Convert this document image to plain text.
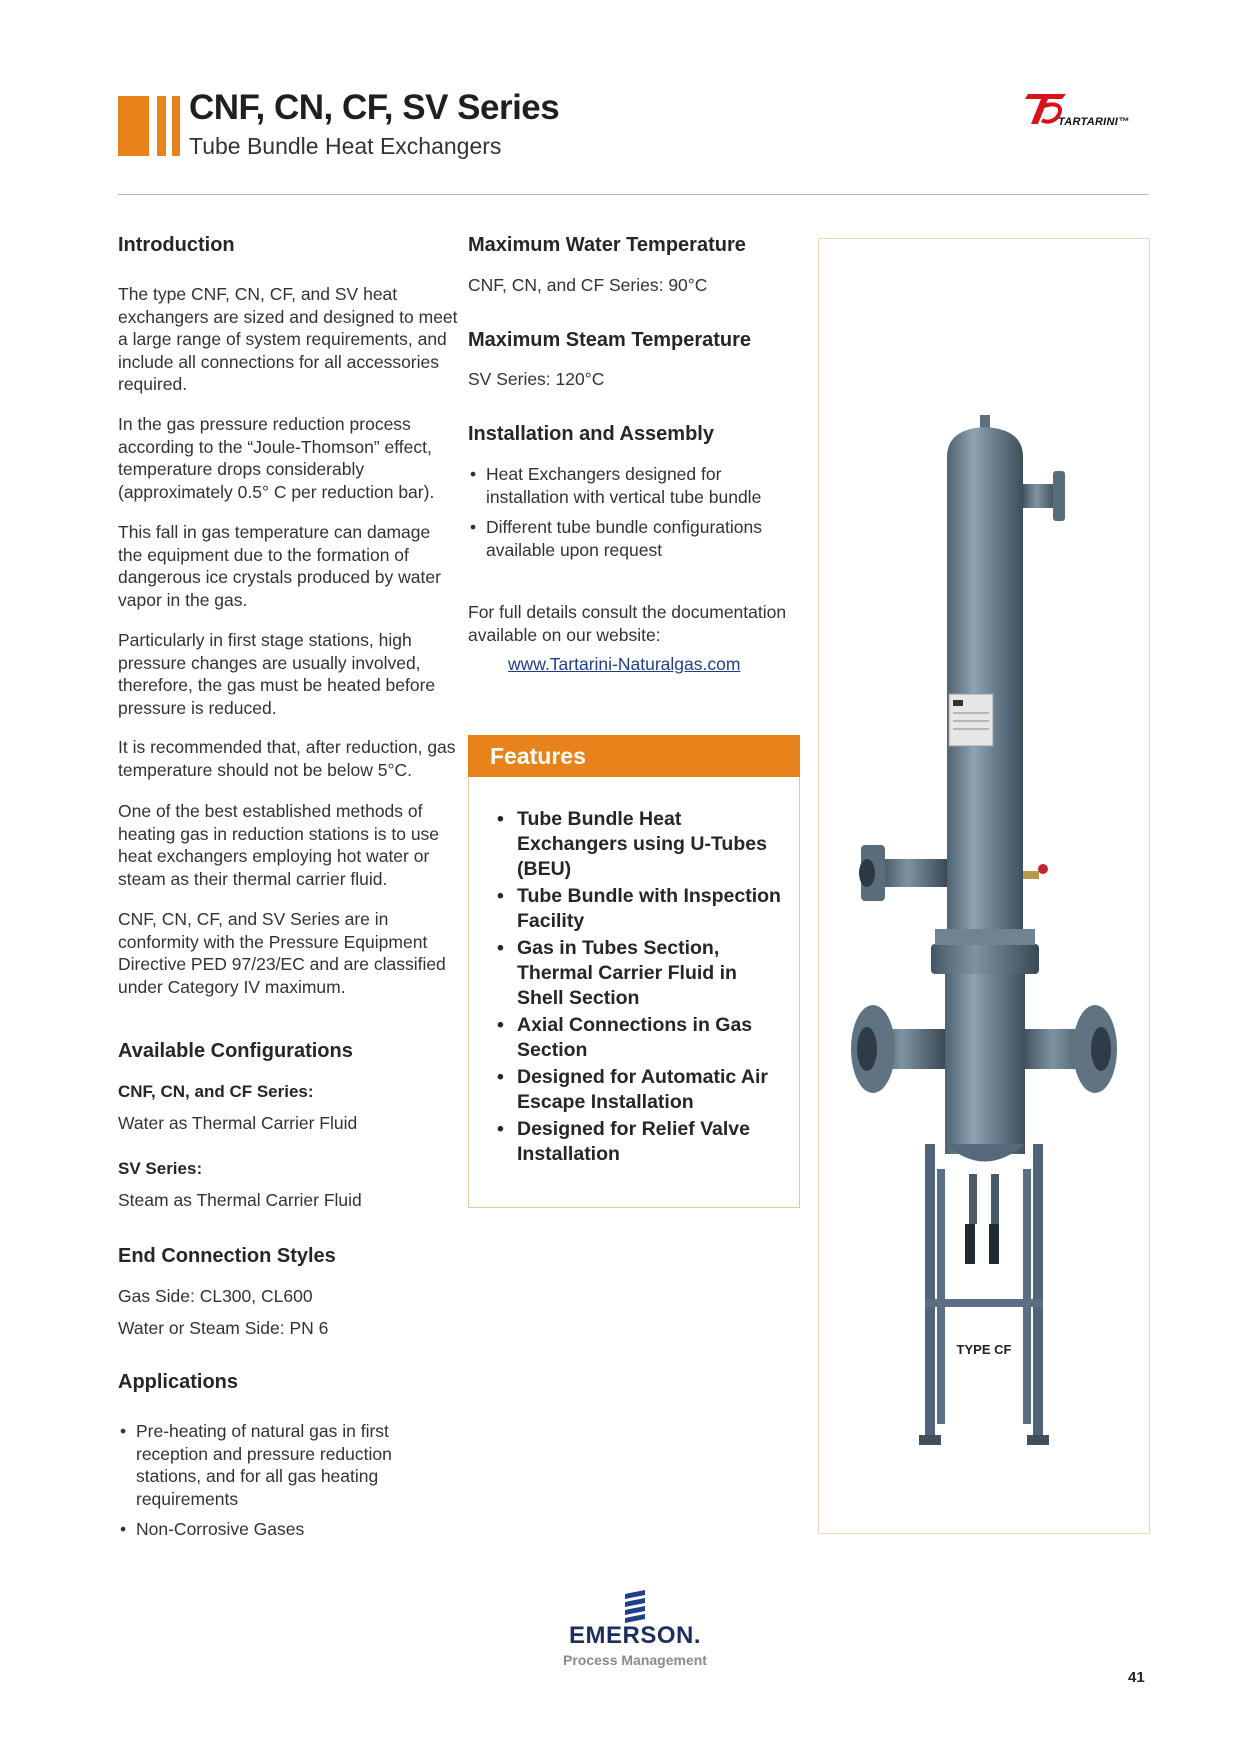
CNF, CN, CF, SV Series
Tube Bundle Heat Exchangers
TARTARINI™
Introduction

The type CNF, CN, CF, and SV heat exchangers are sized and designed to meet a large range of system requirements, and include all connections for all accessories required.

In the gas pressure reduction process according to the “Joule-Thomson” effect, temperature drops considerably (approximately 0.5° C per reduction bar).

This fall in gas temperature can damage the equipment due to the formation of dangerous ice crystals produced by water vapor in the gas.

Particularly in first stage stations, high pressure changes are usually involved, therefore, the gas must be heated before pressure is reduced.

It is recommended that, after reduction, gas temperature should not be below 5°C.

One of the best established methods of heating gas in reduction stations is to use heat exchangers employing hot water or steam as their thermal carrier fluid.

CNF, CN, CF, and SV Series are in conformity with the Pressure Equipment Directive PED 97/23/EC and are classified under Category IV maximum.

Available Configurations
CNF, CN, and CF Series:

Water as Thermal Carrier Fluid

SV Series:

Steam as Thermal Carrier Fluid

End Connection Styles

Gas Side: CL300, CL600

Water or Steam Side: PN 6

Applications
• Pre-heating of natural gas in first reception and pressure reduction stations, and for all gas heating requirements
• Non-Corrosive Gases
Maximum Water Temperature

CNF, CN, and CF Series: 90°C

Maximum Steam Temperature

SV Series: 120°C

Installation and Assembly
• Heat Exchangers designed for installation with vertical tube bundle
• Different tube bundle configurations available upon request

For full details consult the documentation available on our website:

www.Tartarini-Naturalgas.com
Features
• Tube Bundle Heat Exchangers using U-Tubes (BEU)
• Tube Bundle with Inspection Facility
• Gas in Tubes Section, Thermal Carrier Fluid in Shell Section
• Axial Connections in Gas Section
• Designed for Automatic Air Escape Installation
• Designed for Relief Valve Installation
TYPE CF
EMERSON.
Process Management
41
